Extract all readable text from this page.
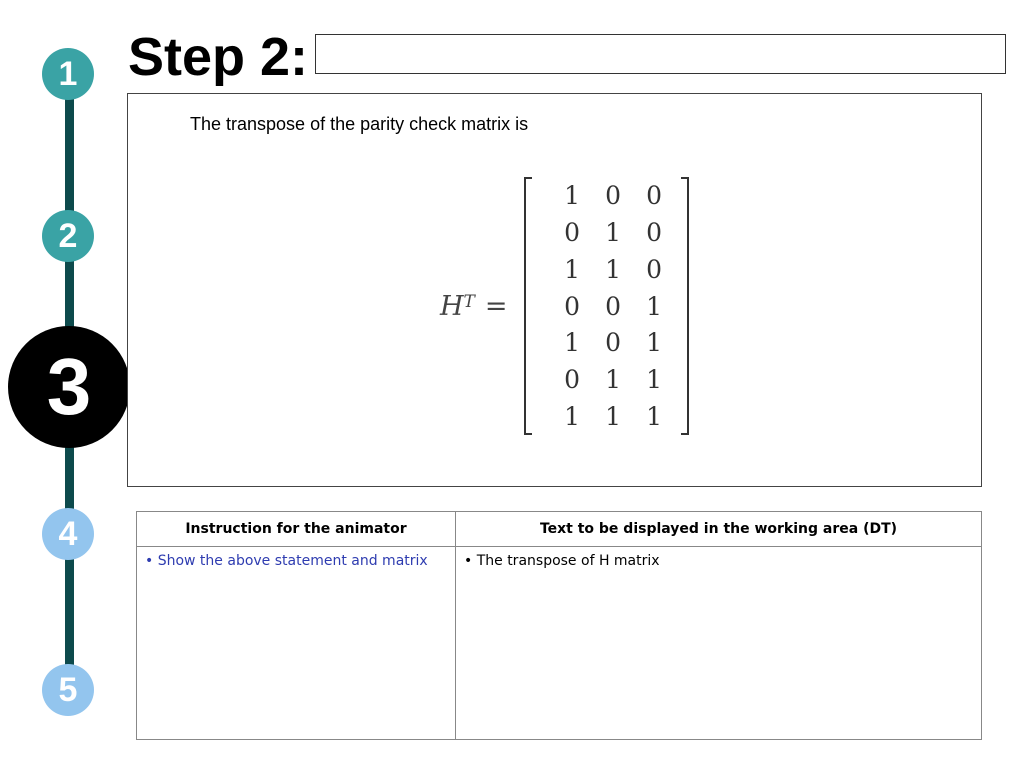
1
2
3
4
5
Step 2:
The transpose of the parity check matrix is
$H^T$ =
1	0	0
0	1	0
1	1	0
0	0	1
1	0	1
0	1	1
1	1	1
Instruction for the animator	Text to be displayed in the working area (DT)
• Show the above statement and matrix	• The transpose of H matrix
